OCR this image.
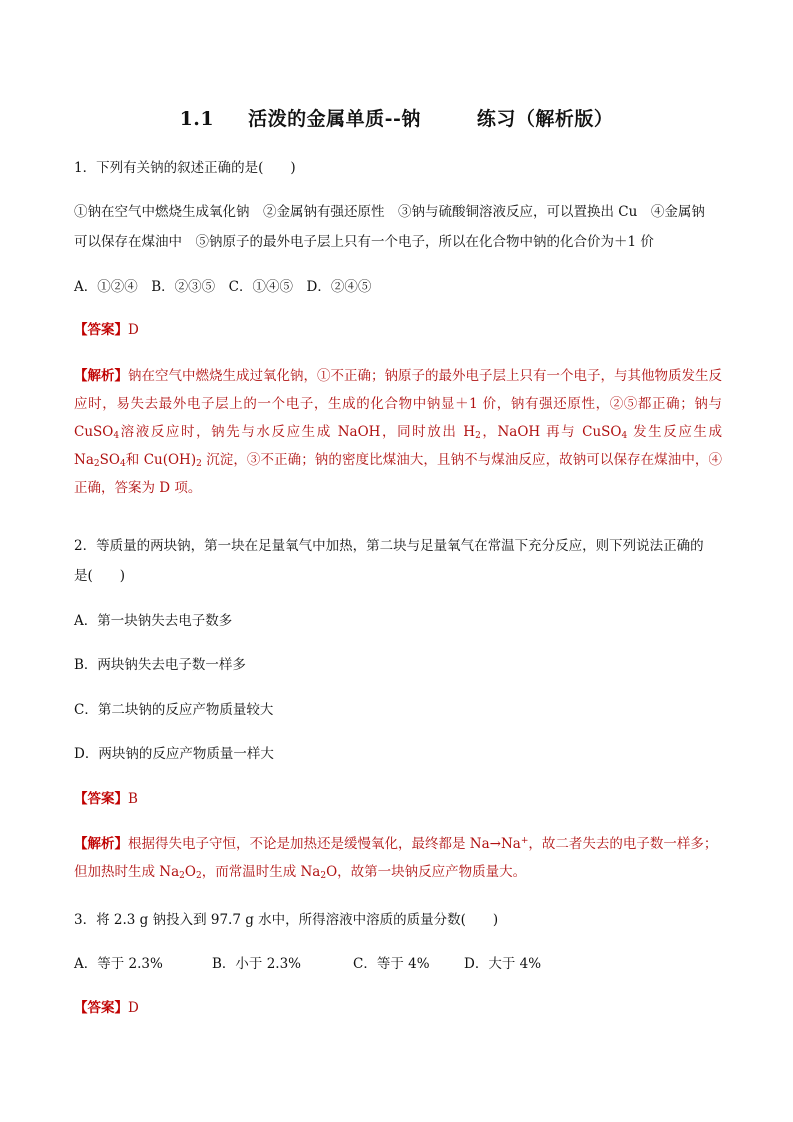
1.1 活泼的金属单质--钠	练习（解析版）
1．下列有关钠的叙述正确的是(　　)
①钠在空气中燃烧生成氧化钠　②金属钠有强还原性　③钠与硫酸铜溶液反应，可以置换出 Cu　④金属钠
可以保存在煤油中　⑤钠原子的最外电子层上只有一个电子，所以在化合物中钠的化合价为＋1 价
A．①②④　B．②③⑤　C．①④⑤　D．②④⑤
【答案】D
【解析】钠在空气中燃烧生成过氧化钠，①不正确；钠原子的最外电子层上只有一个电子，与其他物质发生反应时，易失去最外电子层上的一个电子，生成的化合物中钠显＋1 价，钠有强还原性，②⑤都正确；钠与 CuSO$_4$溶液反应时，钠先与水反应生成 NaOH，同时放出 $H_2$，NaOH 再与 CuSO$_4$ 发生反应生成 $Na_2SO_4$和 $Cu(OH)_2$ 沉淀，③不正确；钠的密度比煤油大，且钠不与煤油反应，故钠可以保存在煤油中，④正确，答案为 D 项。
2．等质量的两块钠，第一块在足量氧气中加热，第二块与足量氧气在常温下充分反应，则下列说法正确的
是(　　)
A．第一块钠失去电子数多
B．两块钠失去电子数一样多
C．第二块钠的反应产物质量较大
D．两块钠的反应产物质量一样大
【答案】B
【解析】根据得失电子守恒，不论是加热还是缓慢氧化，最终都是 Na→Na+，故二者失去的电子数一样多；
但加热时生成 $Na_2O_2$，而常温时生成 $Na_2O$，故第一块钠反应产物质量大。
3．将 2.3 g 钠投入到 97.7 g 水中，所得溶液中溶质的质量分数(　　)
A．等于 2.3%	B．小于 2.3%	C．等于 4%	D．大于 4%
【答案】D
